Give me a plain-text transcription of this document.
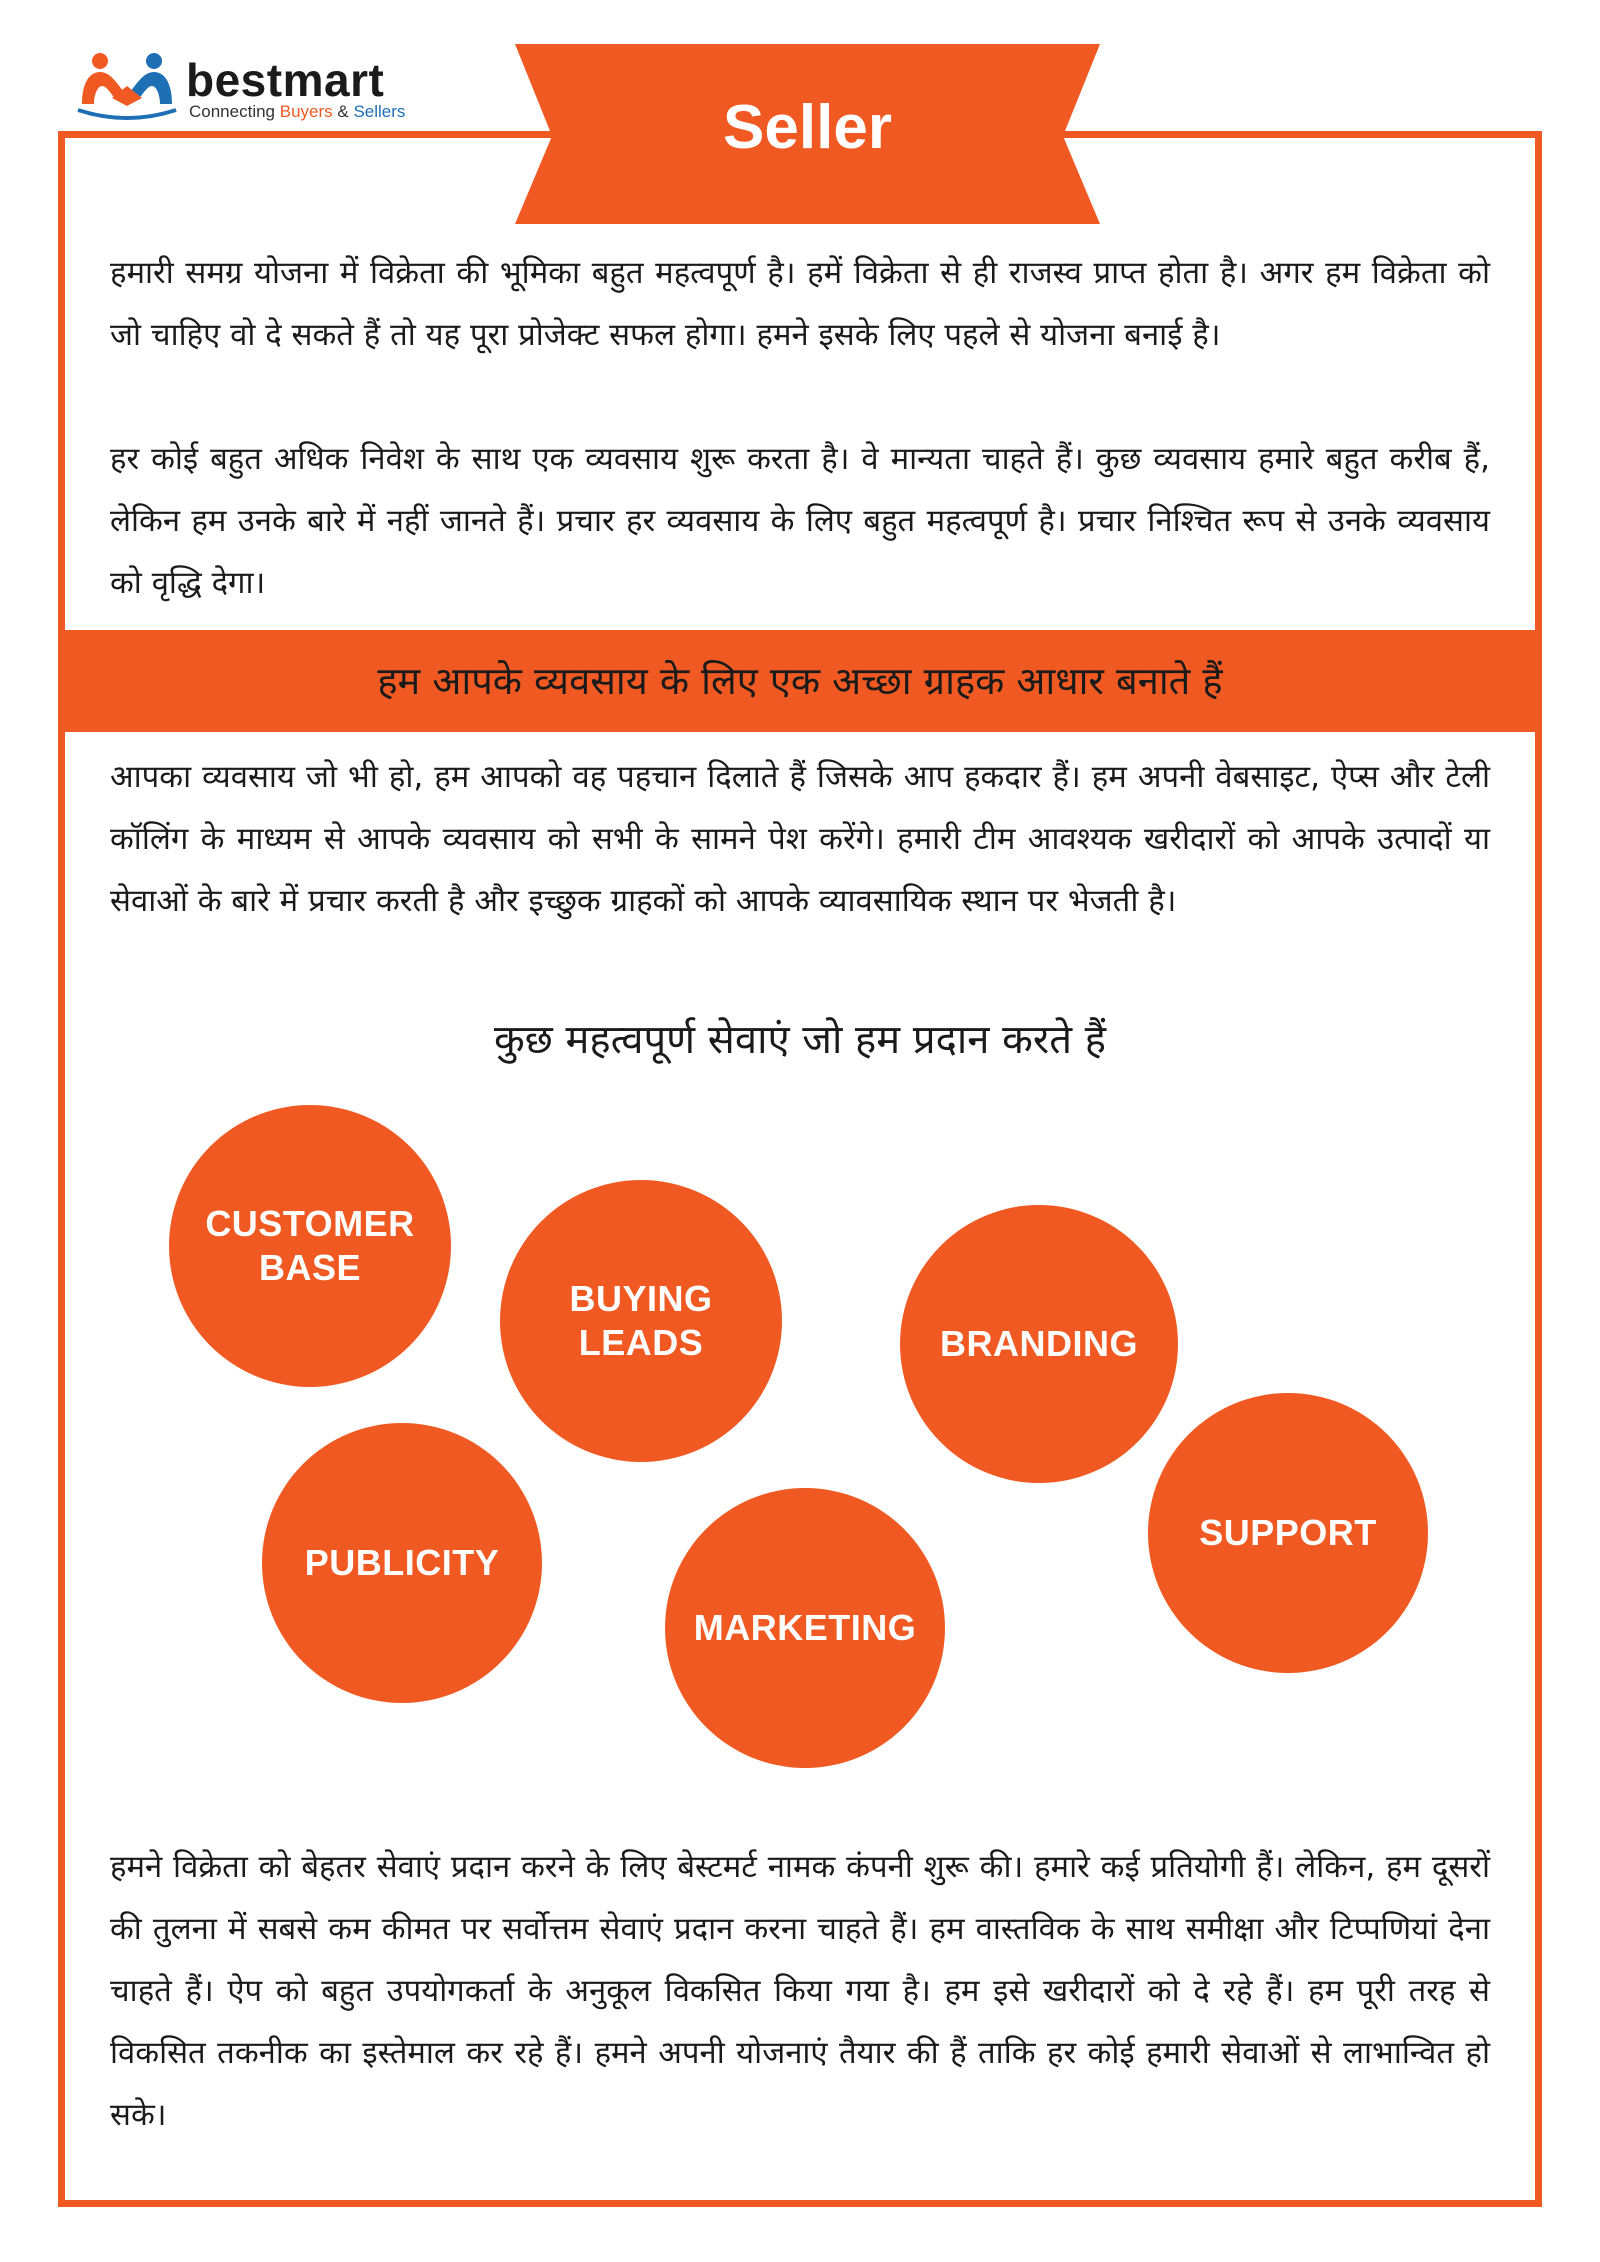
bestmart
Connecting Buyers & Sellers	Seller

हमारी समग्र योजना में विक्रेता की भूमिका बहुत महत्वपूर्ण है। हमें विक्रेता से ही राजस्व प्राप्त होता है। अगर हम विक्रेता को जो चाहिए वो दे सकते हैं तो यह पूरा प्रोजेक्ट सफल होगा। हमने इसके लिए पहले से योजना बनाई है।

हर कोई बहुत अधिक निवेश के साथ एक व्यवसाय शुरू करता है। वे मान्यता चाहते हैं। कुछ व्यवसाय हमारे बहुत करीब हैं, लेकिन हम उनके बारे में नहीं जानते हैं। प्रचार हर व्यवसाय के लिए बहुत महत्वपूर्ण है। प्रचार निश्चित रूप से उनके व्यवसाय को वृद्धि देगा।

हम आपके व्यवसाय के लिए एक अच्छा ग्राहक आधार बनाते हैं

आपका व्यवसाय जो भी हो, हम आपको वह पहचान दिलाते हैं जिसके आप हकदार हैं। हम अपनी वेबसाइट, ऐप्स और टेली कॉलिंग के माध्यम से आपके व्यवसाय को सभी के सामने पेश करेंगे। हमारी टीम आवश्यक खरीदारों को आपके उत्पादों या सेवाओं के बारे में प्रचार करती है और इच्छुक ग्राहकों को आपके व्यावसायिक स्थान पर भेजती है।

कुछ महत्वपूर्ण सेवाएं जो हम प्रदान करते हैं
CUSTOMER
BASE
BUYING
LEADS	BRANDING
PUBLICITY
MARKETING
SUPPORT

हमने विक्रेता को बेहतर सेवाएं प्रदान करने के लिए बेस्टमर्ट नामक कंपनी शुरू की। हमारे कई प्रतियोगी हैं। लेकिन, हम दूसरों की तुलना में सबसे कम कीमत पर सर्वोत्तम सेवाएं प्रदान करना चाहते हैं। हम वास्तविक के साथ समीक्षा और टिप्पणियां देना चाहते हैं। ऐप को बहुत उपयोगकर्ता के अनुकूल विकसित किया गया है। हम इसे खरीदारों को दे रहे हैं। हम पूरी तरह से विकसित तकनीक का इस्तेमाल कर रहे हैं। हमने अपनी योजनाएं तैयार की हैं ताकि हर कोई हमारी सेवाओं से लाभान्वित हो सके।
